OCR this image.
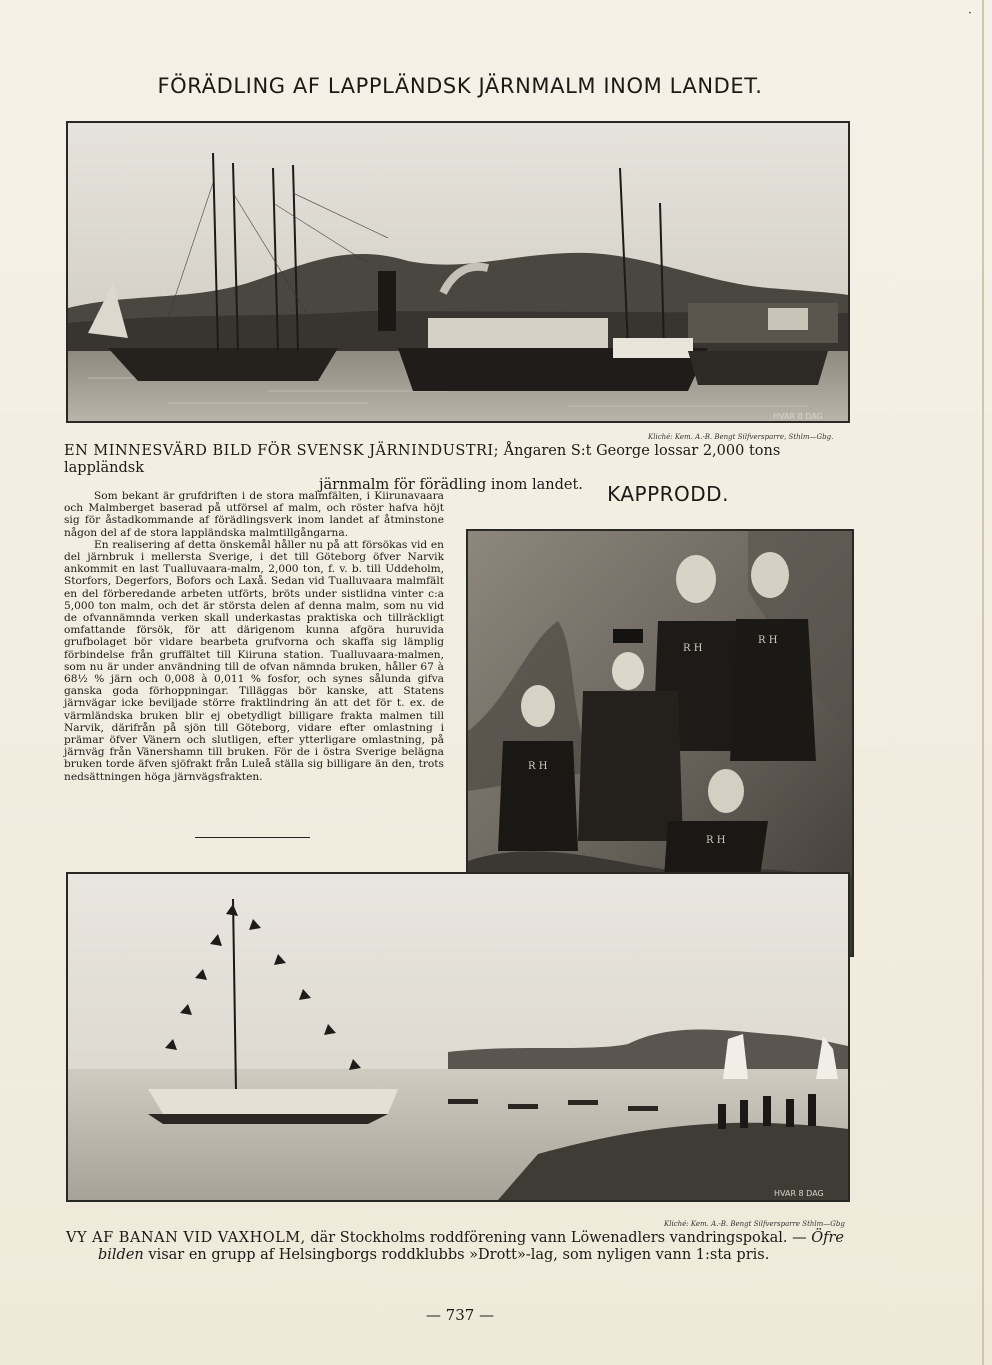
·
FÖRÄDLING AF LAPPLÄNDSK JÄRNMALM INOM LANDET.
HVAR 8 DAG
Kliché: Kem. A.-B. Bengt Silfversparre, Sthlm—Gbg.
EN MINNESVÄRD BILD FÖR SVENSK JÄRNINDUSTRI; Ångaren S:t George lossar 2,000 tons lappländsk
järnmalm för förädling inom landet.	KAPPRODD.

Som bekant är grufdriften i de stora malmfälten, i Kiirunavaara och Malmberget baserad på utförsel af malm, och röster hafva höjt sig för åstadkommande af förädlingsverk inom landet af åtminstone någon del af de stora lappländska malmtillgångarna.

En realisering af detta önskemål håller nu på att försökas vid en del järnbruk i mellersta Sverige, i det till Göteborg öfver Narvik ankommit en last Tualluvaara-malm, 2,000 ton, f. v. b. till Uddeholm, Storfors, Degerfors, Bofors och Laxå. Sedan vid Tualluvaara malmfält en del förberedande arbeten utförts, bröts under sistlidna vinter c:a 5,000 ton malm, och det är största delen af denna malm, som nu vid de ofvannämnda verken skall underkastas praktiska och tillräckligt omfattande försök, för att därigenom kunna afgöra huruvida grufbolaget bör vidare bearbeta grufvorna och skaffa sig lämplig förbindelse från gruffältet till Kiiruna station. Tualluvaara-malmen, som nu är under användning till de ofvan nämnda bruken, håller 67 à 68½ % järn och 0,008 à 0,011 % fosfor, och synes sålunda gifva ganska goda förhoppningar. Tilläggas bör kanske, att Statens järnvägar icke beviljade större fraktlindring än att det för t. ex. de värmländska bruken blir ej obetydligt billigare frakta malmen till Narvik, därifrån på sjön till Göteborg, vidare efter omlastning i prämar öfver Vänern och slutligen, efter ytterligare omlastning, på järnväg från Vänershamn till bruken. För de i östra Sverige belägna bruken torde äfven sjöfrakt från Luleå ställa sig billigare än den, trots nedsättningen höga järnvägsfrakten.

R H
R H
R H
R H
HVAR 8 DAG
Kliché: Kem. A.-B. Bengt Silfversparre Sthlm—Gbg
VY AF BANAN VID VAXHOLM, där Stockholms roddförening vann Löwenadlers vandringspokal. — Öfre
bilden visar en grupp af Helsingborgs roddklubbs »Drott»-lag, som nyligen vann 1:sta pris.
— 737 —
